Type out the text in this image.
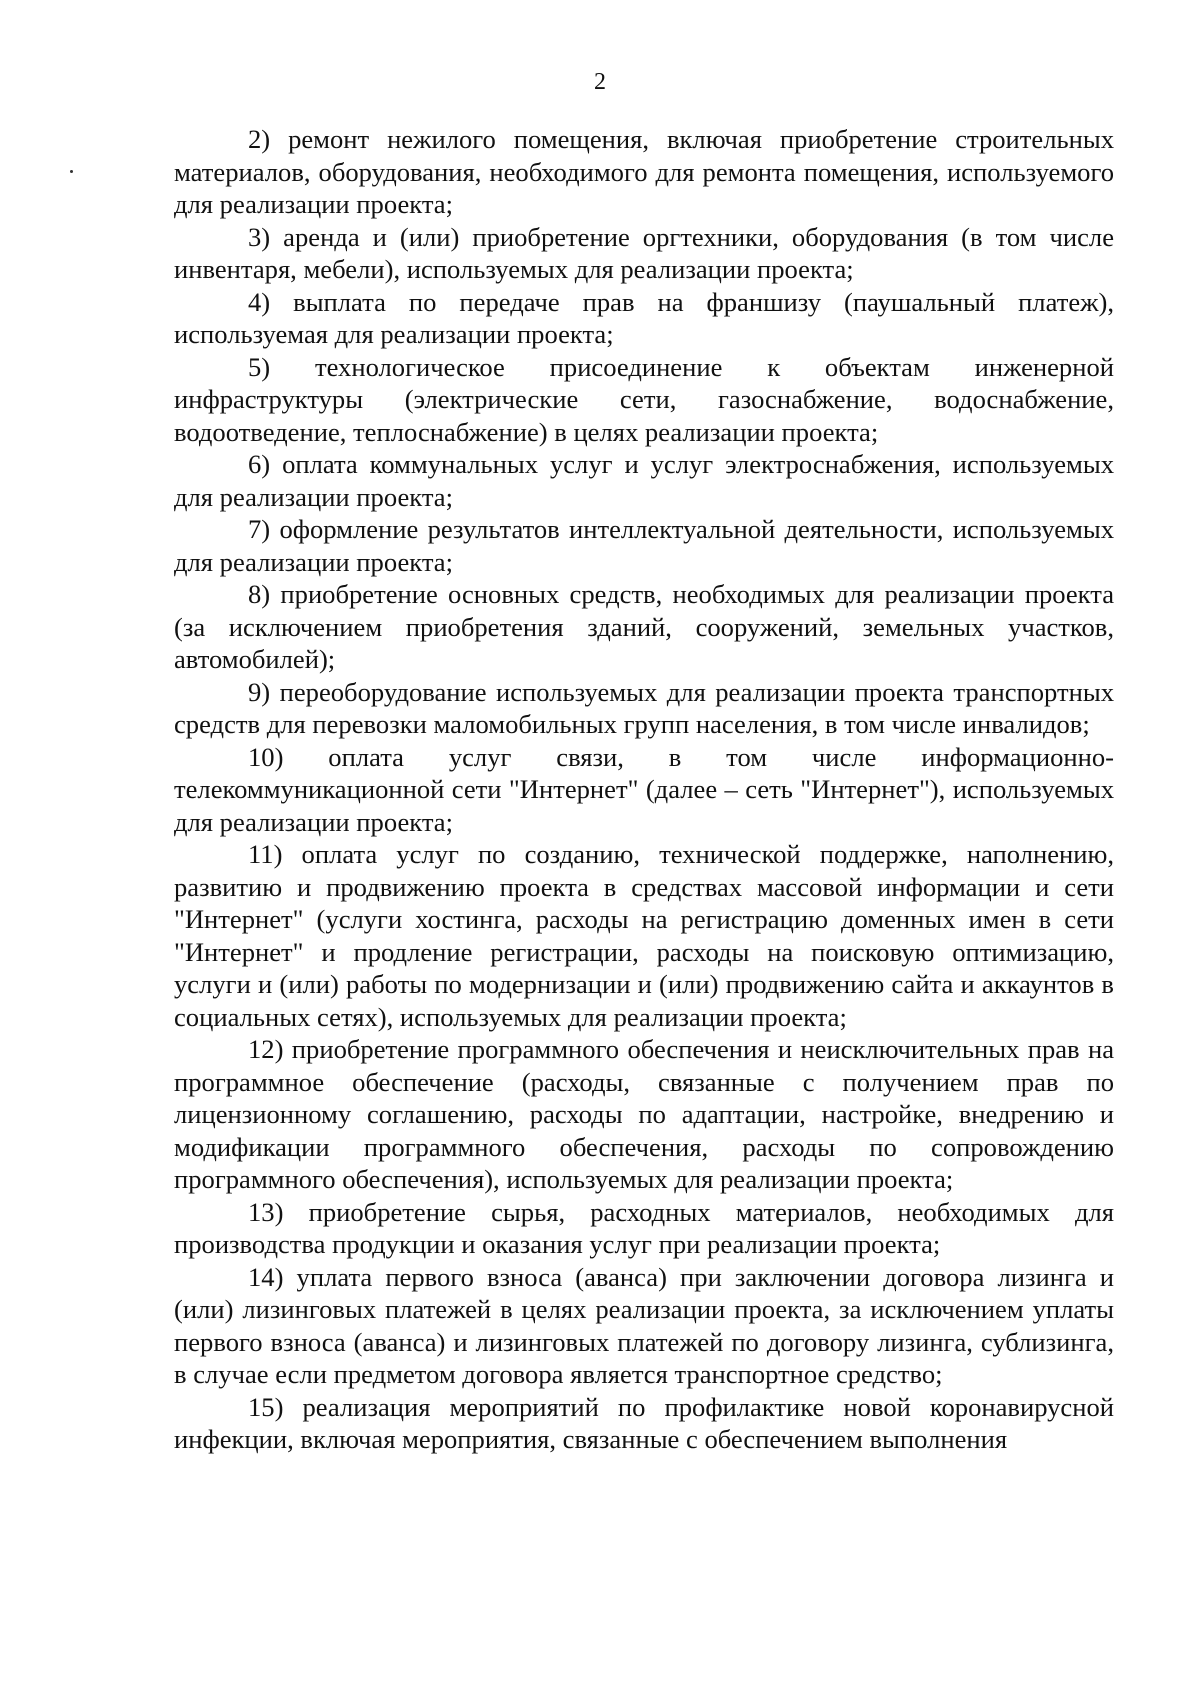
2

2) ремонт нежилого помещения, включая приобретение строительных материалов, оборудования, необходимого для ремонта помещения, используемого для реализации проекта;

3) аренда и (или) приобретение оргтехники, оборудования (в том числе инвентаря, мебели), используемых для реализации проекта;

4) выплата по передаче прав на франшизу (паушальный платеж), используемая для реализации проекта;

5) технологическое присоединение к объектам инженерной инфраструктуры (электрические сети, газоснабжение, водоснабжение, водоотведение, теплоснабжение) в целях реализации проекта;

6) оплата коммунальных услуг и услуг электроснабжения, используемых для реализации проекта;

7) оформление результатов интеллектуальной деятельности, используемых для реализации проекта;

8) приобретение основных средств, необходимых для реализации проекта (за исключением приобретения зданий, сооружений, земельных участков, автомобилей);

9) переоборудование используемых для реализации проекта транспортных средств для перевозки маломобильных групп населения, в том числе инвалидов;

10) оплата услуг связи, в том числе информационно-телекоммуникационной сети "Интернет" (далее – сеть "Интернет"), используемых для реализации проекта;

11) оплата услуг по созданию, технической поддержке, наполнению, развитию и продвижению проекта в средствах массовой информации и сети "Интернет" (услуги хостинга, расходы на регистрацию доменных имен в сети "Интернет" и продление регистрации, расходы на поисковую оптимизацию, услуги и (или) работы по модернизации и (или) продвижению сайта и аккаунтов в социальных сетях), используемых для реализации проекта;

12) приобретение программного обеспечения и неисключительных прав на программное обеспечение (расходы, связанные с получением прав по лицензионному соглашению, расходы по адаптации, настройке, внедрению и модификации программного обеспечения, расходы по сопровождению программного обеспечения), используемых для реализации проекта;

13) приобретение сырья, расходных материалов, необходимых для производства продукции и оказания услуг при реализации проекта;

14) уплата первого взноса (аванса) при заключении договора лизинга и (или) лизинговых платежей в целях реализации проекта, за исключением уплаты первого взноса (аванса) и лизинговых платежей по договору лизинга, сублизинга, в случае если предметом договора является транспортное средство;

15) реализация мероприятий по профилактике новой коронавирусной инфекции, включая мероприятия, связанные с обеспечением выполнения
